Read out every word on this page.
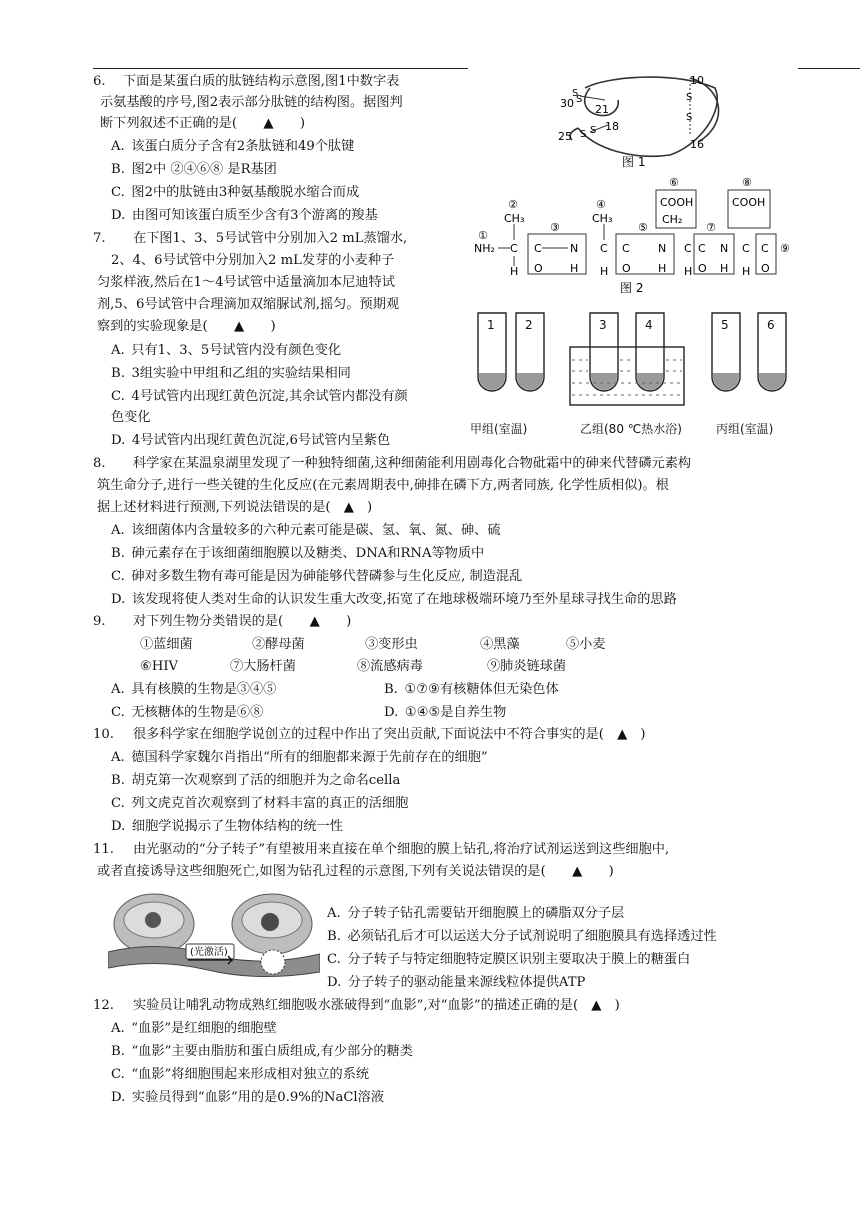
6. 下面是某蛋白质的肽链结构示意图,图1中数字表
示氨基酸的序号,图2表示部分肽链的结构图。据图判
断下列叙述不正确的是(　　▲　　)
A. 该蛋白质分子含有2条肽链和49个肽键
B. 图2中 ②④⑥⑧ 是R基团
C. 图2中的肽链由3种氨基酸脱水缩合而成
D. 由图可知该蛋白质至少含有3个游离的羧基
7. 在下图1、3、5号试管中分别加入2 mL蒸馏水,
2、4、6号试管中分别加入2 mL发芽的小麦种子
匀浆样液,然后在1～4号试管中适量滴加本尼迪特试
剂,5、6号试管中合理滴加双缩脲试剂,摇匀。预期观
察到的实验现象是(　　▲　　)
A. 只有1、3、5号试管内没有颜色变化
B. 3组实验中甲组和乙组的实验结果相同
C. 4号试管内出现红黄色沉淀,其余试管内都没有颜
色变化
D. 4号试管内出现红黄色沉淀,6号试管内呈紫色
8. 科学家在某温泉湖里发现了一种独特细菌,这种细菌能利用剧毒化合物砒霜中的砷来代替磷元素构
筑生命分子,进行一些关键的生化反应(在元素周期表中,砷排在磷下方,两者同族, 化学性质相似)。根
据上述材料进行预测,下列说法错误的是(　▲　)
A. 该细菌体内含量较多的六种元素可能是碳、氢、氧、氮、砷、硫
B. 砷元素存在于该细菌细胞膜以及糖类、DNA和RNA等物质中
C. 砷对多数生物有毒可能是因为砷能够代替磷参与生化反应, 制造混乱
D. 该发现将使人类对生命的认识发生重大改变,拓宽了在地球极端环境乃至外星球寻找生命的思路
9. 对下列生物分类错误的是(　　▲　　)
①蓝细菌	②酵母菌	③变形虫	④黑藻	⑤小麦
⑥HIV	⑦大肠杆菌	⑧流感病毒	⑨肺炎链球菌
A. 具有核膜的生物是③④⑤	B. ①⑦⑨有核糖体但无染色体
C. 无核糖体的生物是⑥⑧	D. ①④⑤是自养生物
10. 很多科学家在细胞学说创立的过程中作出了突出贡献,下面说法中不符合事实的是(　▲　)
A. 德国科学家魏尔肖指出“所有的细胞都来源于先前存在的细胞”
B. 胡克第一次观察到了活的细胞并为之命名cella
C. 列文虎克首次观察到了材料丰富的真正的活细胞
D. 细胞学说揭示了生物体结构的统一性
11. 由光驱动的“分子转子”有望被用来直接在单个细胞的膜上钻孔,将治疗试剂运送到这些细胞中,
或者直接诱导这些细胞死亡,如图为钻孔过程的示意图,下列有关说法错误的是(　　▲　　)
A. 分子转子钻孔需要钻开细胞膜上的磷脂双分子层
B. 必须钻孔后才可以运送大分子试剂说明了细胞膜具有选择透过性
C. 分子转子与特定细胞特定膜区识别主要取决于膜上的糖蛋白
D. 分子转子的驱动能量来源线粒体提供ATP
12. 实验员让哺乳动物成熟红细胞吸水涨破得到“血影”,对“血影”的描述正确的是(　▲　)
A. “血影”是红细胞的细胞壁
B. “血影”主要由脂肪和蛋白质组成,有少部分的糖类
C. “血影”将细胞围起来形成相对独立的系统
D. 实验员得到“血影”用的是0.9%的NaCl溶液
10
30 21
18
25
16
S
S	S
S
S S
图 1
①
NH₂ C
H
②
CH₃
③
C
O
N
H
C
H
④
CH₃
⑤
C
O
N
H
⑥
COOH
CH₂
C
H
⑦
C
O
N
H
⑧
COOH
C
H
C
O
⑨
图 2
1	2	3	4	5	6
甲组(室温)	乙组(80 ℃热水浴)	丙组(室温)
(光激活)
